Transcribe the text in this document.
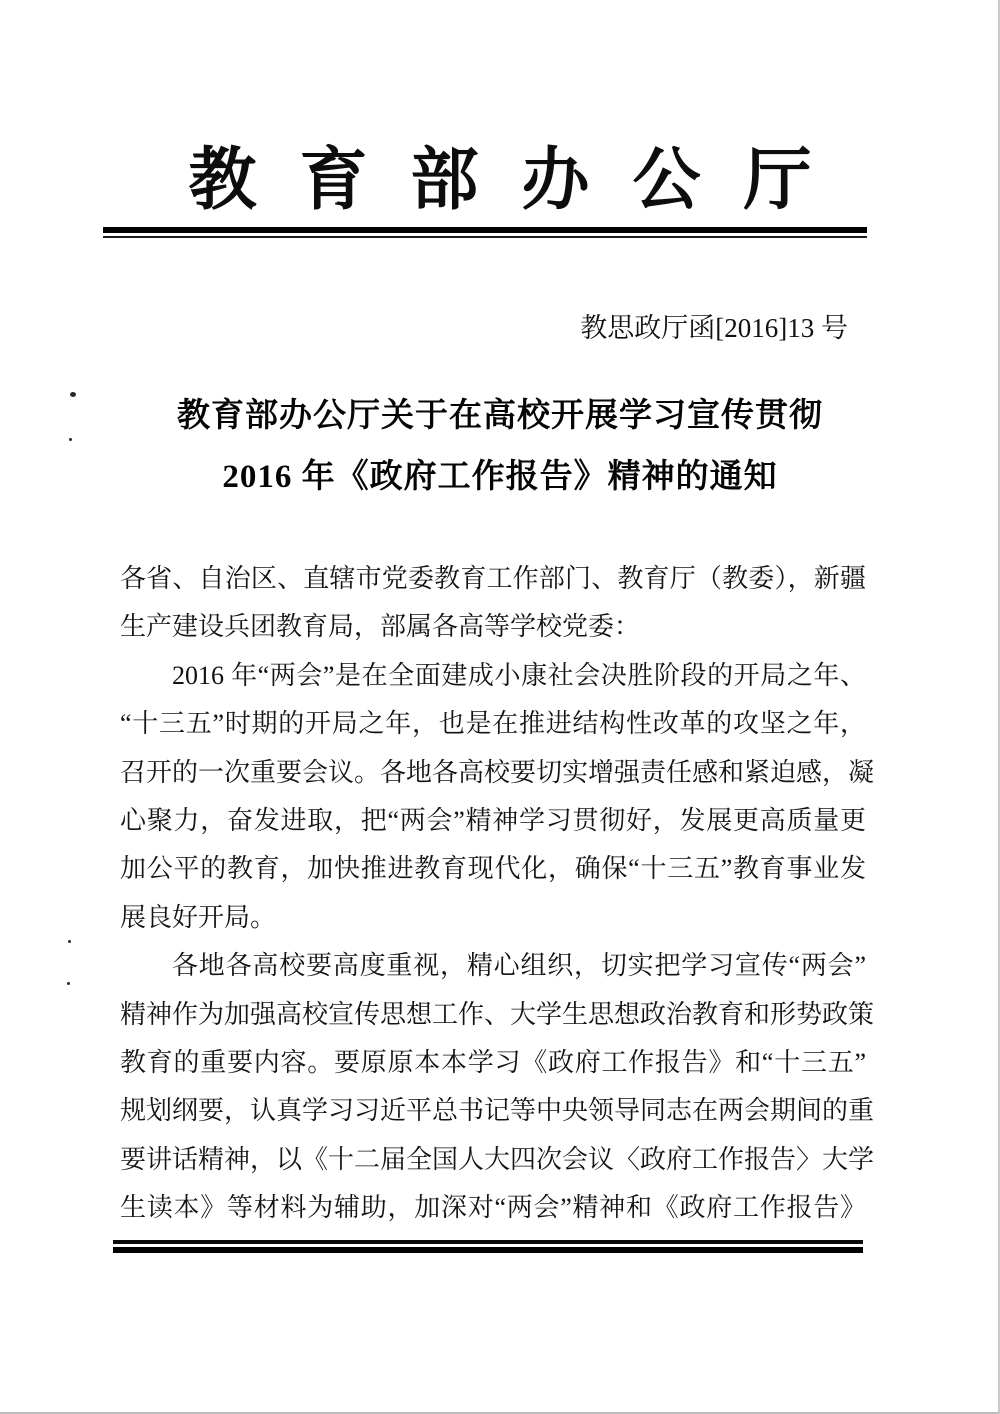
教育部办公厅
教思政厅函[2016]13 号
教育部办公厅关于在高校开展学习宣传贯彻
2016 年《政府工作报告》精神的通知
各省、自治区、直辖市党委教育工作部门、教育厅（教委），新疆
生产建设兵团教育局，部属各高等学校党委：
2016 年“两会”是在全面建成小康社会决胜阶段的开局之年、
“十三五”时期的开局之年，也是在推进结构性改革的攻坚之年，
召开的一次重要会议。各地各高校要切实增强责任感和紧迫感，凝
心聚力，奋发进取，把“两会”精神学习贯彻好，发展更高质量更
加公平的教育，加快推进教育现代化，确保“十三五”教育事业发
展良好开局。
各地各高校要高度重视，精心组织，切实把学习宣传“两会”
精神作为加强高校宣传思想工作、大学生思想政治教育和形势政策
教育的重要内容。要原原本本学习《政府工作报告》和“十三五”
规划纲要，认真学习习近平总书记等中央领导同志在两会期间的重
要讲话精神，以《十二届全国人大四次会议〈政府工作报告〉大学
生读本》等材料为辅助，加深对“两会”精神和《政府工作报告》
